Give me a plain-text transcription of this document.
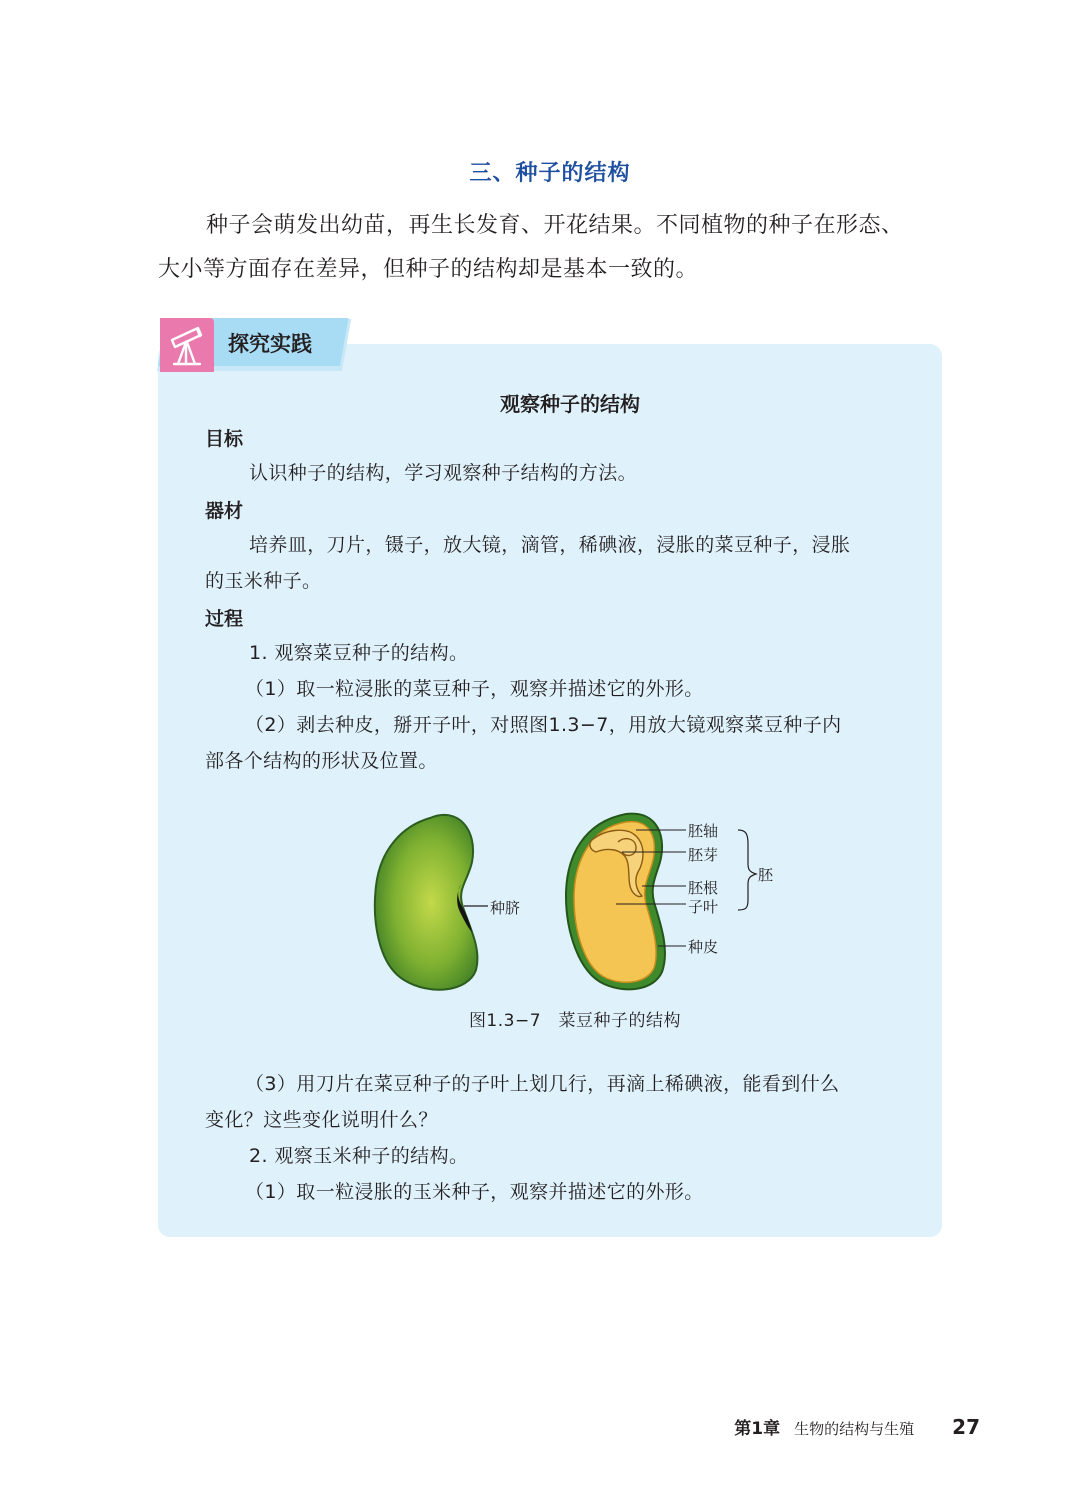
三、种子的结构

种子会萌发出幼苗，再生长发育、开花结果。不同植物的种子在形态、

大小等方面存在差异，但种子的结构却是基本一致的。

探究实践
观察种子的结构
目标

认识种子的结构，学习观察种子结构的方法。

器材

培养皿，刀片，镊子，放大镜，滴管，稀碘液，浸胀的菜豆种子，浸胀

的玉米种子。

过程

1. 观察菜豆种子的结构。

（1）取一粒浸胀的菜豆种子，观察并描述它的外形。

（2）剥去种皮，掰开子叶，对照图1.3−7，用放大镜观察菜豆种子内

部各个结构的形状及位置。

种脐
胚轴
胚芽
胚根
子叶
种皮
胚
图1.3−7　菜豆种子的结构

（3）用刀片在菜豆种子的子叶上划几行，再滴上稀碘液，能看到什么

变化？这些变化说明什么？

2. 观察玉米种子的结构。

（1）取一粒浸胀的玉米种子，观察并描述它的外形。

第1章 生物的结构与生殖 27
